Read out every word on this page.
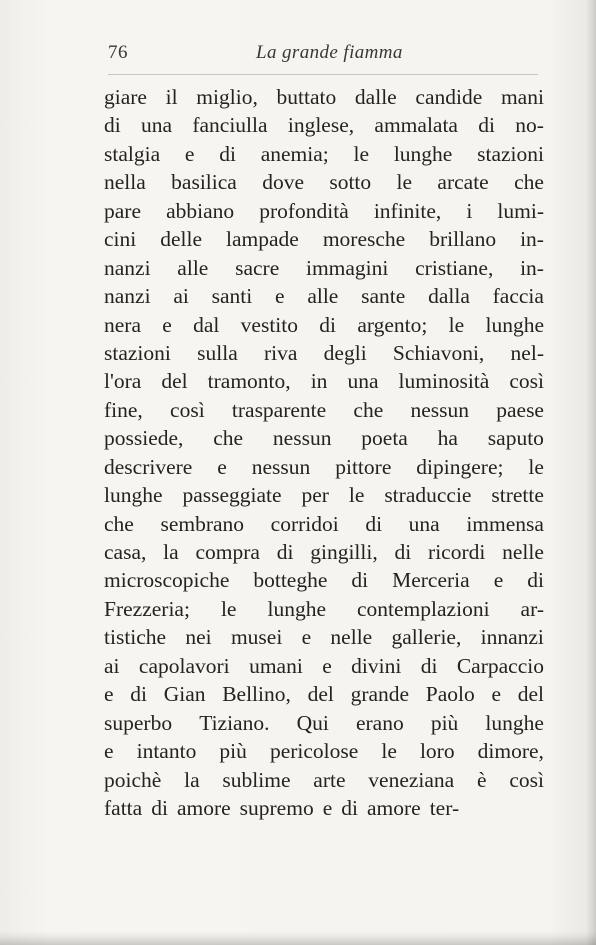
76	La grande fiamma
giare il miglio, buttato dalle candide mani
di una fanciulla inglese, ammalata di no-
stalgia e di anemia; le lunghe stazioni
nella basilica dove sotto le arcate che
pare abbiano profondità infinite, i lumi-
cini delle lampade moresche brillano in-
nanzi alle sacre immagini cristiane, in-
nanzi ai santi e alle sante dalla faccia
nera e dal vestito di argento; le lunghe
stazioni sulla riva degli Schiavoni, nel-
l'ora del tramonto, in una luminosità così
fine, così trasparente che nessun paese
possiede, che nessun poeta ha saputo
descrivere e nessun pittore dipingere; le
lunghe passeggiate per le straduccie strette
che sembrano corridoi di una immensa
casa, la compra di gingilli, di ricordi nelle
microscopiche botteghe di Merceria e di
Frezzeria; le lunghe contemplazioni ar-
tistiche nei musei e nelle gallerie, innanzi
ai capolavori umani e divini di Carpaccio
e di Gian Bellino, del grande Paolo e del
superbo Tiziano. Qui erano più lunghe
e intanto più pericolose le loro dimore,
poichè la sublime arte veneziana è così
fatta di amore supremo e di amore ter-
